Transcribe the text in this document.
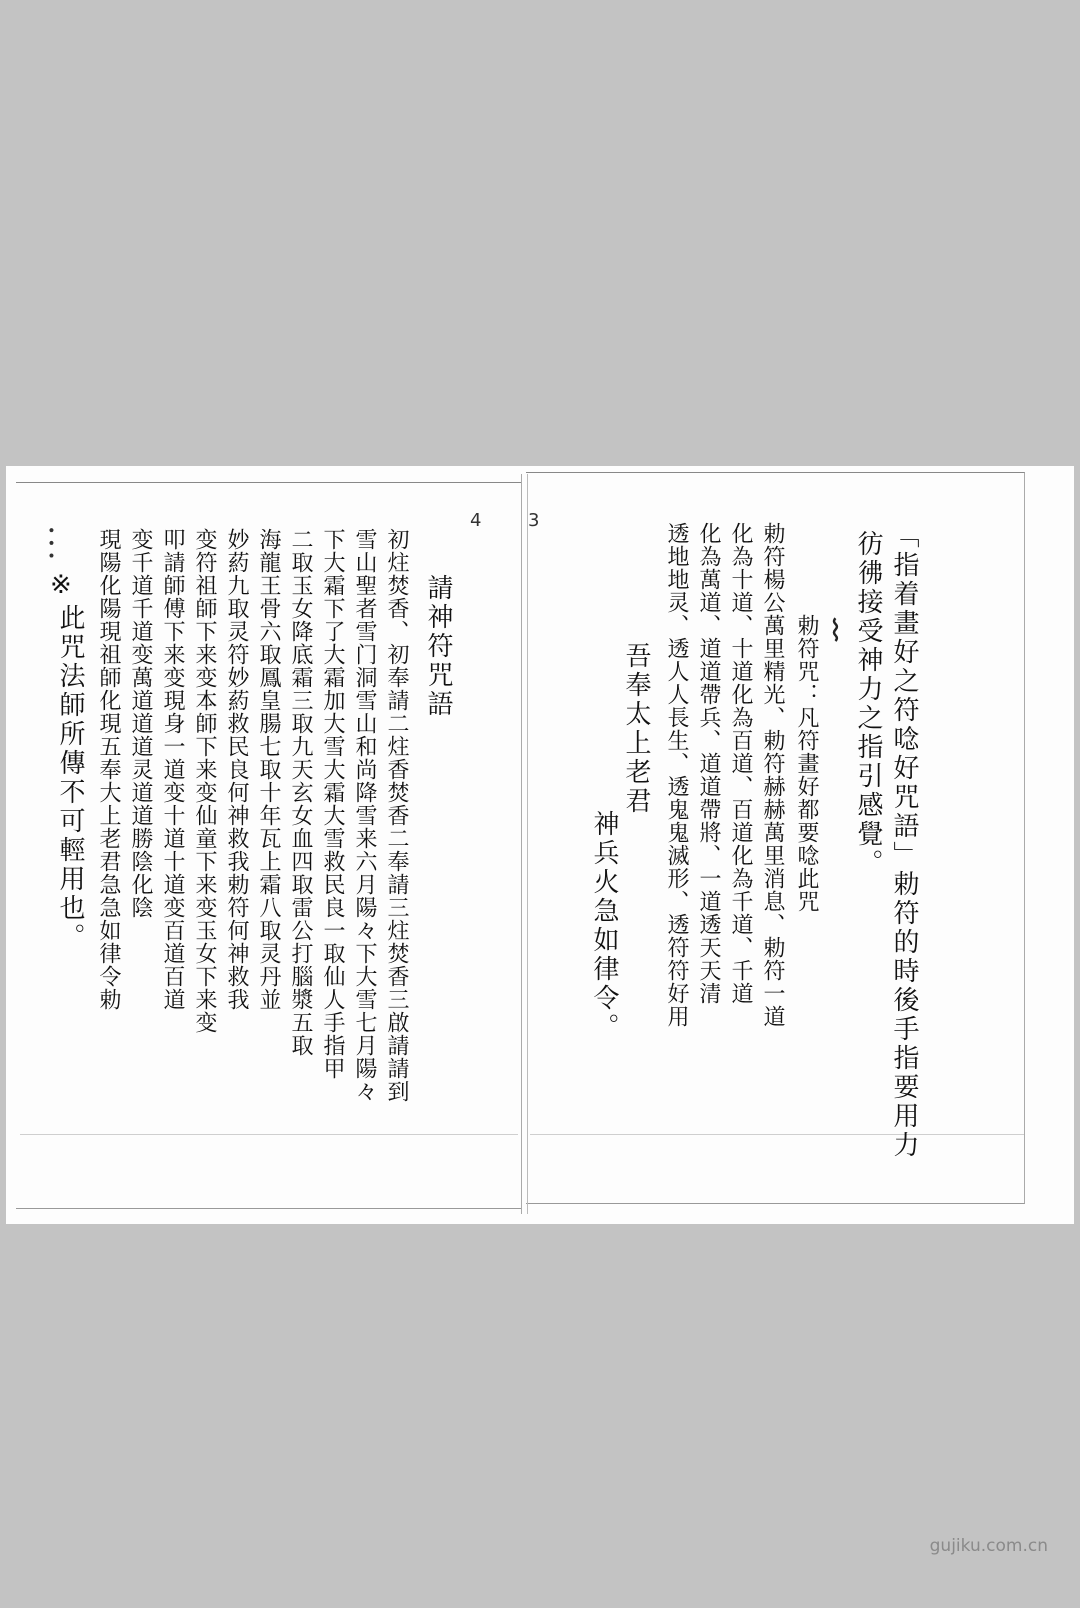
4
• • •
請神符咒語
初炷焚香、初奉請二炷香焚香二奉請三炷焚香三啟請請到
雪山聖者雪门洞雪山和尚降雪来六月陽々下大雪七月陽々
下大霜下了大霜加大雪大霜大雪救民良一取仙人手指甲
二取玉女降底霜三取九天玄女血四取雷公打腦漿五取
海龍王骨六取鳳皇腸七取十年瓦上霜八取灵丹並
妙葯九取灵符妙葯救民良何神救我勅符何神救我
变符祖師下来变本師下来变仙童下来变玉女下来变
叩請師傅下来变現身一道变十道十道变百道百道
变千道千道变萬道道道灵道道勝陰化陰
現陽化陽現祖師化現五奉大上老君急急如律令勅
※
此咒法師所傳不可輕用也。
3
「指着畫好之符唸好咒語」勅符的時後手指要用力
彷彿接受神力之指引感覺。
⌇
勅符咒：凡符畫好都要唸此咒
勅符楊公萬里精光、勅符赫赫萬里消息、勅符一道
化為十道、十道化為百道、百道化為千道、千道
化為萬道、道道帶兵、道道帶將、一道透天天清
透地地灵、透人人長生、透鬼鬼滅形、透符符好用
吾奉太上老君
神兵火急如律令。
gujiku.com.cn
